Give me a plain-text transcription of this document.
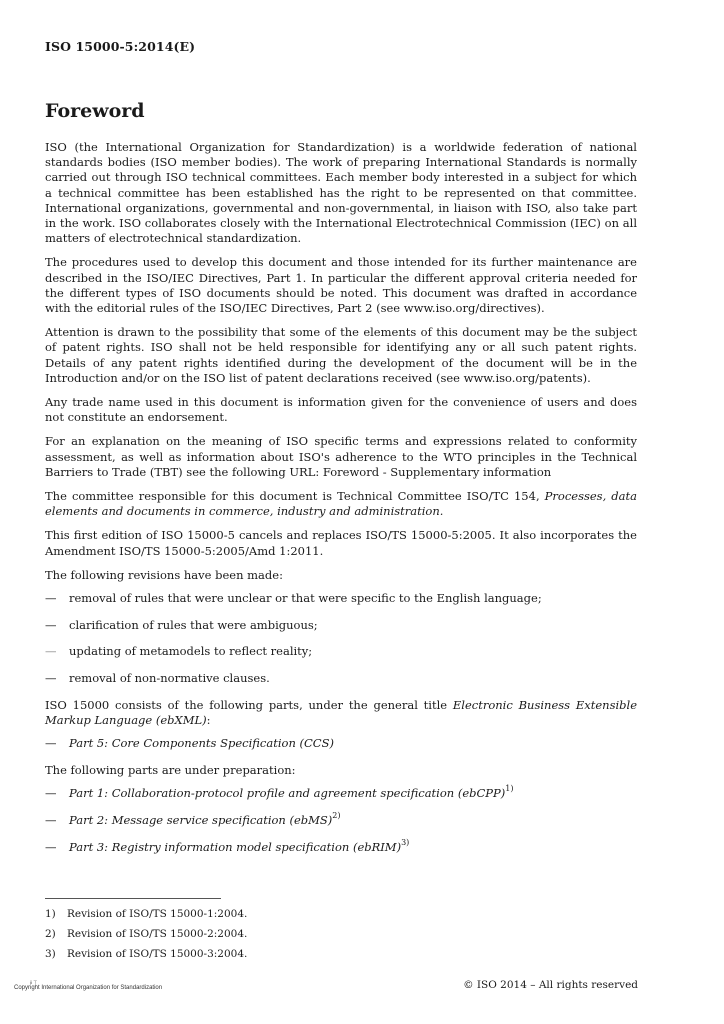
ISO 15000-5:2014(E)
Foreword

ISO (the International Organization for Standardization) is a worldwide federation of national standards bodies (ISO member bodies). The work of preparing International Standards is normally carried out through ISO technical committees. Each member body interested in a subject for which a technical committee has been established has the right to be represented on that committee. International organizations, governmental and non-governmental, in liaison with ISO, also take part in the work. ISO collaborates closely with the International Electrotechnical Commission (IEC) on all matters of electrotechnical standardization.

The procedures used to develop this document and those intended for its further maintenance are described in the ISO/IEC Directives, Part 1. In particular the different approval criteria needed for the different types of ISO documents should be noted. This document was drafted in accordance with the editorial rules of the ISO/IEC Directives, Part 2 (see www.iso.org/directives).

Attention is drawn to the possibility that some of the elements of this document may be the subject of patent rights. ISO shall not be held responsible for identifying any or all such patent rights. Details of any patent rights identified during the development of the document will be in the Introduction and/or on the ISO list of patent declarations received (see www.iso.org/patents).

Any trade name used in this document is information given for the convenience of users and does not constitute an endorsement.

For an explanation on the meaning of ISO specific terms and expressions related to conformity assessment, as well as information about ISO's adherence to the WTO principles in the Technical Barriers to Trade (TBT) see the following URL: Foreword - Supplementary information

The committee responsible for this document is Technical Committee ISO/TC 154, Processes, data elements and documents in commerce, industry and administration.

This first edition of ISO 15000-5 cancels and replaces ISO/TS 15000-5:2005. It also incorporates the Amendment ISO/TS 15000-5:2005/Amd 1:2011.

The following revisions have been made:

—	removal of rules that were unclear or that were specific to the English language;
—	clarification of rules that were ambiguous;
—	updating of metamodels to reflect reality;
—	removal of non-normative clauses.

ISO 15000 consists of the following parts, under the general title Electronic Business Extensible Markup Language (ebXML):

—	Part 5: Core Components Specification (CCS)

The following parts are under preparation:

—	Part 1: Collaboration-protocol profile and agreement specification (ebCPP)$^{1)}$
—	Part 2: Message service specification (ebMS)$^{2)}$
—	Part 3: Registry information model specification (ebRIM)$^{3)}$
1)	Revision of ISO/TS 15000-1:2004.
2)	Revision of ISO/TS 15000-2:2004.
3)	Revision of ISO/TS 15000-3:2004.
ii ⊤
Copyright International Organization for Standardization	© ISO 2014 – All rights reserved
